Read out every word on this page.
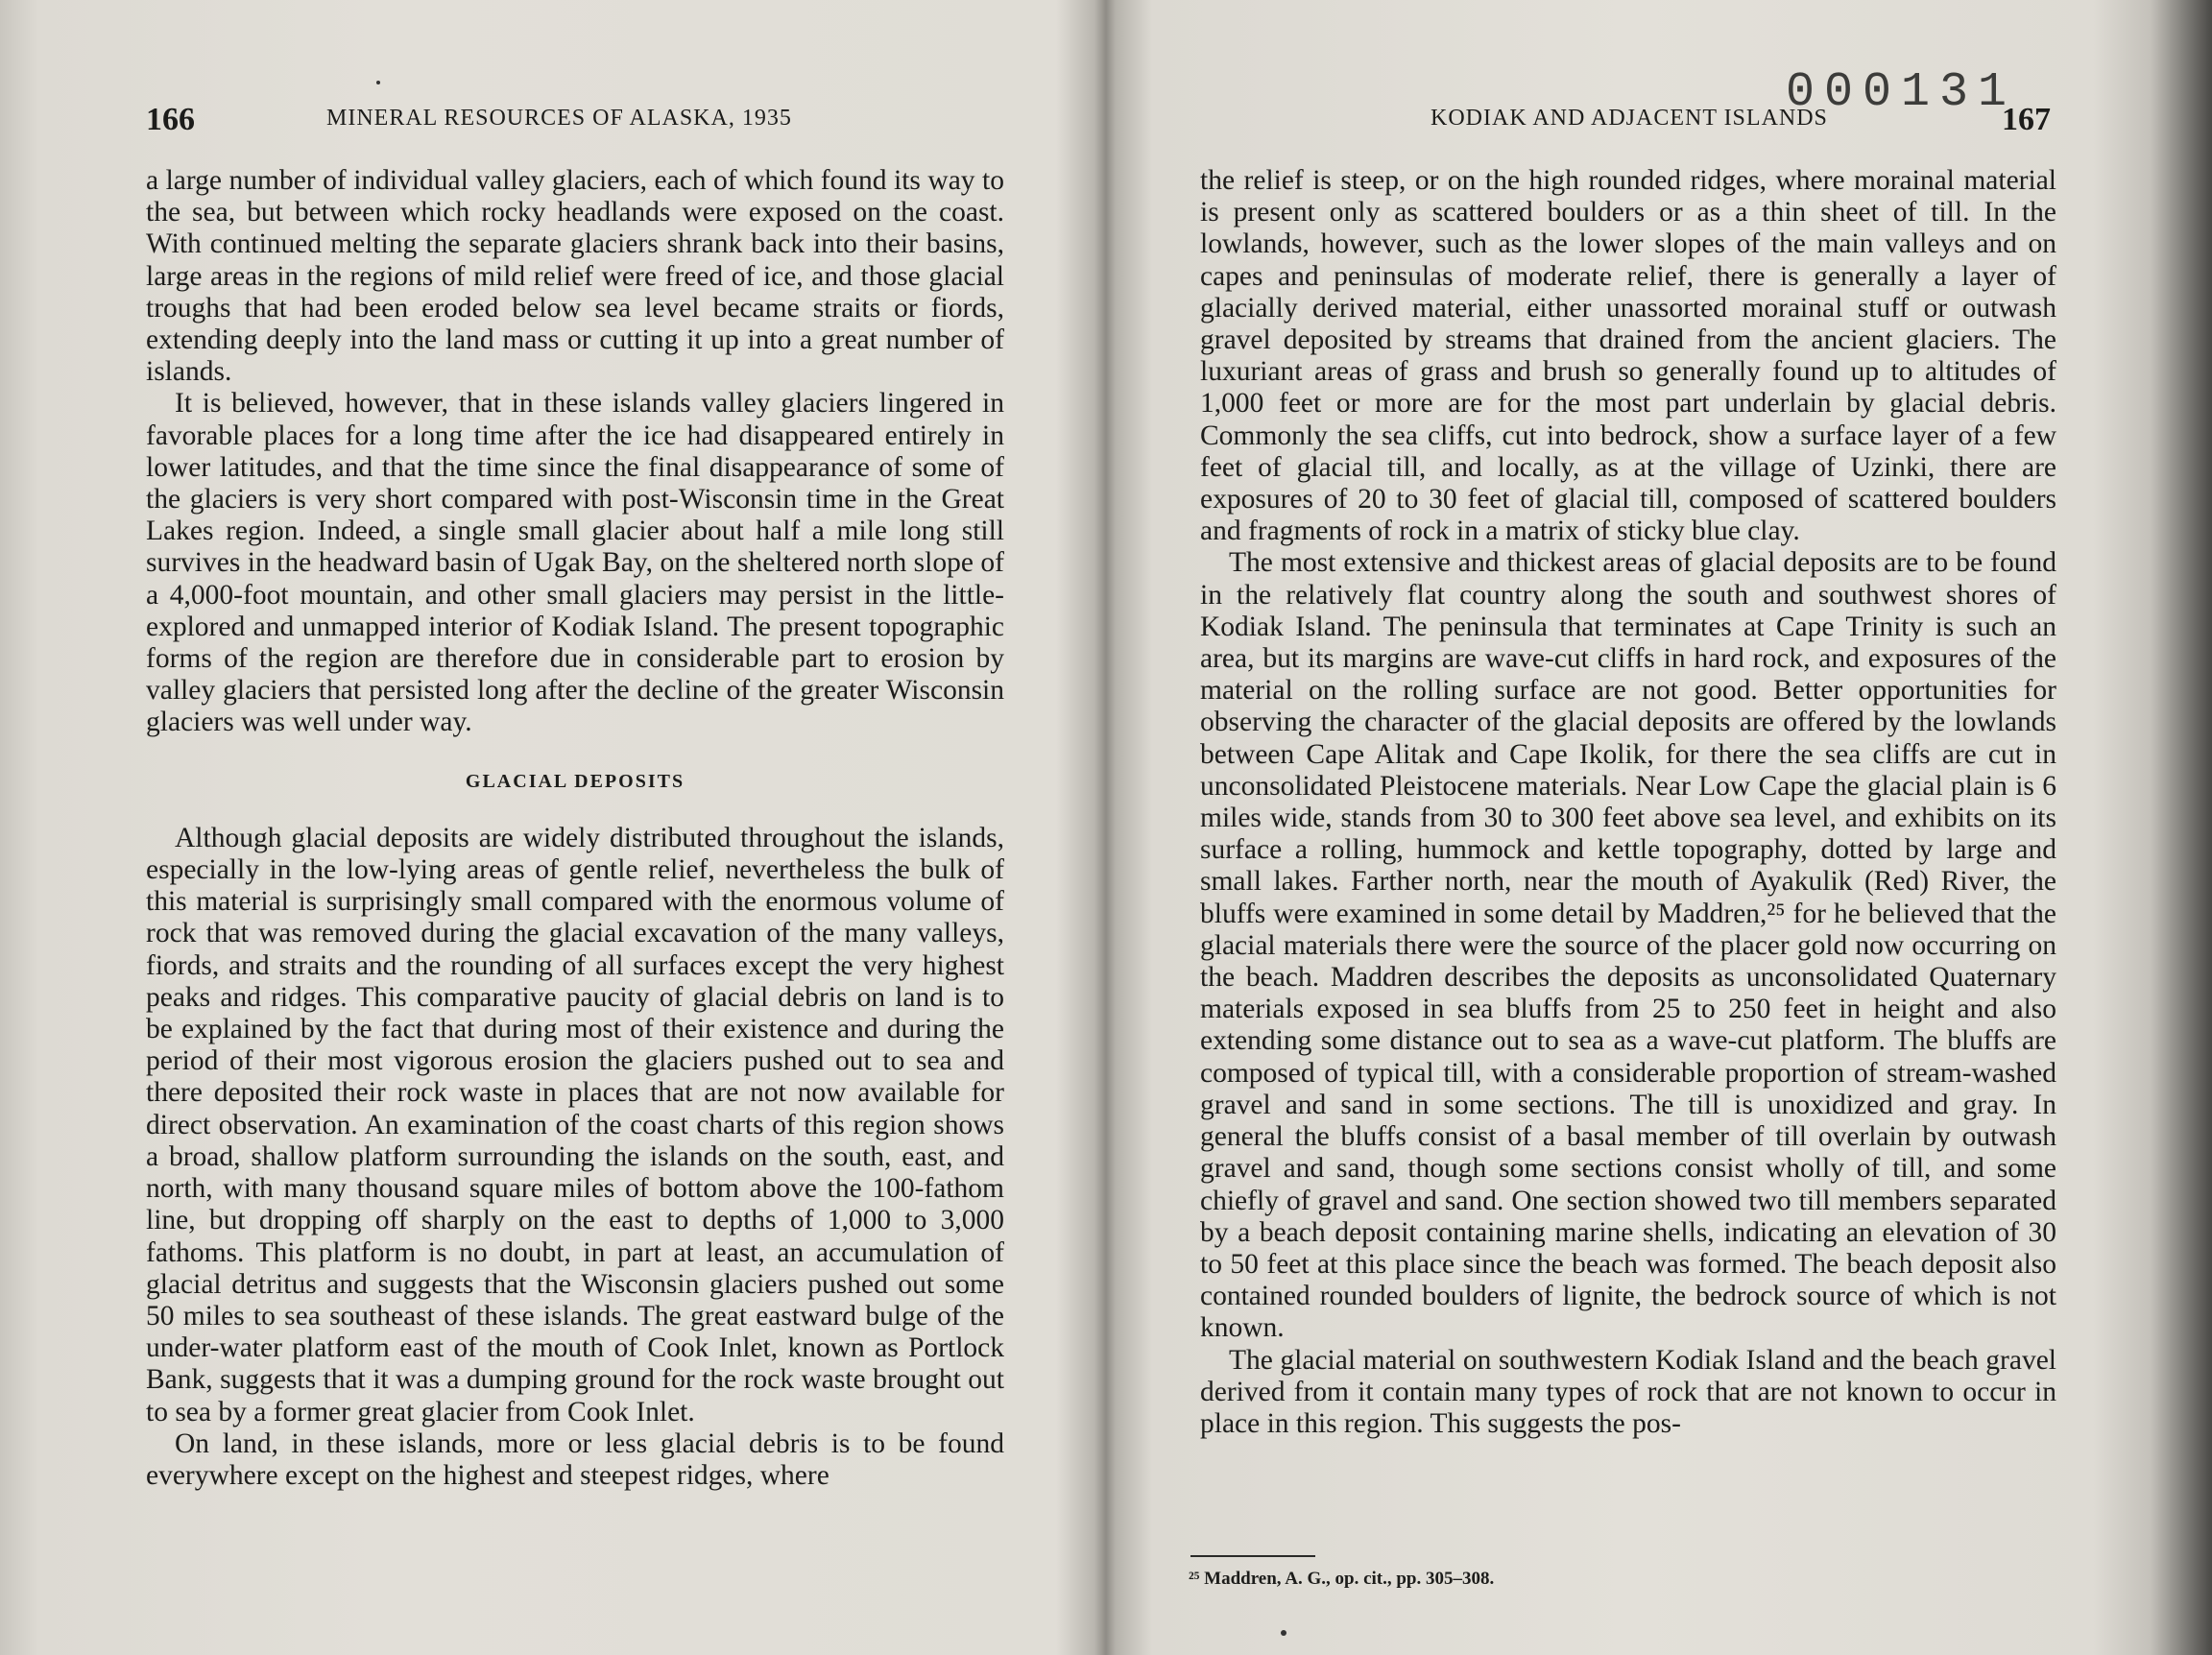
166	MINERAL RESOURCES OF ALASKA, 1935

a large number of individual valley glaciers, each of which found its way to the sea, but between which rocky headlands were exposed on the coast. With continued melting the separate glaciers shrank back into their basins, large areas in the regions of mild relief were freed of ice, and those glacial troughs that had been eroded below sea level became straits or fiords, extending deeply into the land mass or cutting it up into a great number of islands.

It is believed, however, that in these islands valley glaciers lingered in favorable places for a long time after the ice had disappeared entirely in lower latitudes, and that the time since the final disappearance of some of the glaciers is very short compared with post-Wisconsin time in the Great Lakes region. Indeed, a single small glacier about half a mile long still survives in the headward basin of Ugak Bay, on the sheltered north slope of a 4,000-foot mountain, and other small glaciers may persist in the little-explored and unmapped interior of Kodiak Island. The present topographic forms of the region are therefore due in considerable part to erosion by valley glaciers that persisted long after the decline of the greater Wisconsin glaciers was well under way.

GLACIAL DEPOSITS

Although glacial deposits are widely distributed throughout the islands, especially in the low-lying areas of gentle relief, nevertheless the bulk of this material is surprisingly small compared with the enormous volume of rock that was removed during the glacial excavation of the many valleys, fiords, and straits and the rounding of all surfaces except the very highest peaks and ridges. This comparative paucity of glacial debris on land is to be explained by the fact that during most of their existence and during the period of their most vigorous erosion the glaciers pushed out to sea and there deposited their rock waste in places that are not now available for direct observation. An examination of the coast charts of this region shows a broad, shallow platform surrounding the islands on the south, east, and north, with many thousand square miles of bottom above the 100-fathom line, but dropping off sharply on the east to depths of 1,000 to 3,000 fathoms. This platform is no doubt, in part at least, an accumulation of glacial detritus and suggests that the Wisconsin glaciers pushed out some 50 miles to sea southeast of these islands. The great eastward bulge of the under-water platform east of the mouth of Cook Inlet, known as Portlock Bank, suggests that it was a dumping ground for the rock waste brought out to sea by a former great glacier from Cook Inlet.

On land, in these islands, more or less glacial debris is to be found everywhere except on the highest and steepest ridges, where

KODIAK AND ADJACENT ISLANDS	167

the relief is steep, or on the high rounded ridges, where morainal material is present only as scattered boulders or as a thin sheet of till. In the lowlands, however, such as the lower slopes of the main valleys and on capes and peninsulas of moderate relief, there is generally a layer of glacially derived material, either unassorted morainal stuff or outwash gravel deposited by streams that drained from the ancient glaciers. The luxuriant areas of grass and brush so generally found up to altitudes of 1,000 feet or more are for the most part underlain by glacial debris. Commonly the sea cliffs, cut into bedrock, show a surface layer of a few feet of glacial till, and locally, as at the village of Uzinki, there are exposures of 20 to 30 feet of glacial till, composed of scattered boulders and fragments of rock in a matrix of sticky blue clay.

The most extensive and thickest areas of glacial deposits are to be found in the relatively flat country along the south and southwest shores of Kodiak Island. The peninsula that terminates at Cape Trinity is such an area, but its margins are wave-cut cliffs in hard rock, and exposures of the material on the rolling surface are not good. Better opportunities for observing the character of the glacial deposits are offered by the lowlands between Cape Alitak and Cape Ikolik, for there the sea cliffs are cut in unconsolidated Pleistocene materials. Near Low Cape the glacial plain is 6 miles wide, stands from 30 to 300 feet above sea level, and exhibits on its surface a rolling, hummock and kettle topography, dotted by large and small lakes. Farther north, near the mouth of Ayakulik (Red) River, the bluffs were examined in some detail by Maddren,²⁵ for he believed that the glacial materials there were the source of the placer gold now occurring on the beach. Maddren describes the deposits as unconsolidated Quaternary materials exposed in sea bluffs from 25 to 250 feet in height and also extending some distance out to sea as a wave-cut platform. The bluffs are composed of typical till, with a considerable proportion of stream-washed gravel and sand in some sections. The till is unoxidized and gray. In general the bluffs consist of a basal member of till overlain by outwash gravel and sand, though some sections consist wholly of till, and some chiefly of gravel and sand. One section showed two till members separated by a beach deposit containing marine shells, indicating an elevation of 30 to 50 feet at this place since the beach was formed. The beach deposit also contained rounded boulders of lignite, the bedrock source of which is not known.

The glacial material on southwestern Kodiak Island and the beach gravel derived from it contain many types of rock that are not known to occur in place in this region. This suggests the pos-

000131
²⁵ Maddren, A. G., op. cit., pp. 305–308.
